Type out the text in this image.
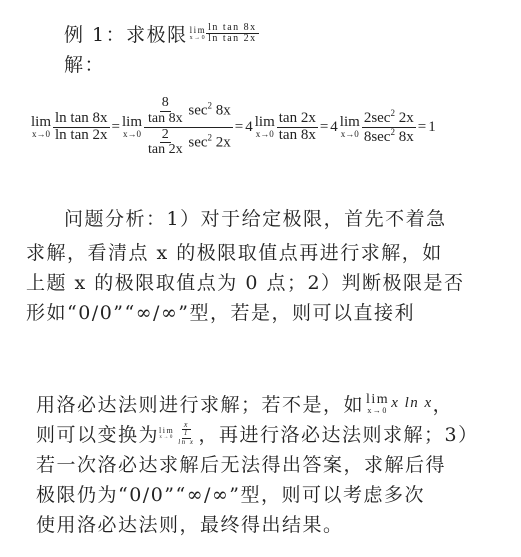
例 1：求极限 lim
$x\to 0 \frac{\text{ln tan 8x}}{\text{ln tan 2x}}$
解：
lim
$x\to 0 \frac{\text{ln tan 8x}}{\text{ln tan 2x}} = \lim$
$x\to 0 \frac{\frac{8}{\tan 8x} \sec^2 8x}{\frac{2}{\tan 2x} \sec^2 2x} = 4$ lim
$x\to 0 \frac{\tan 2x}{\tan 8x} = 4$ lim
$x\to 0 \frac{2\sec^2 2x}{8\sec^2 8x} = 1$
问题分析：1）对于给定极限，首先不着急
求解，看清点 x 的极限取值点再进行求解，如
上题 x 的极限取值点为 0 点；2）判断极限是否
形如“0/0”“∞/∞”型，若是，则可以直接利
用洛必达法则进行求解；若不是，如 lim
x→0 x ln x ，
则可以变换为 lim
$x\to 0 \frac{x}{\frac{1}{\text{ln x}}}$ ，再进行洛必达法则求解；3）
若一次洛必达求解后无法得出答案，求解后得
极限仍为“0/0”“∞/∞”型，则可以考虑多次
使用洛必达法则，最终得出结果。
